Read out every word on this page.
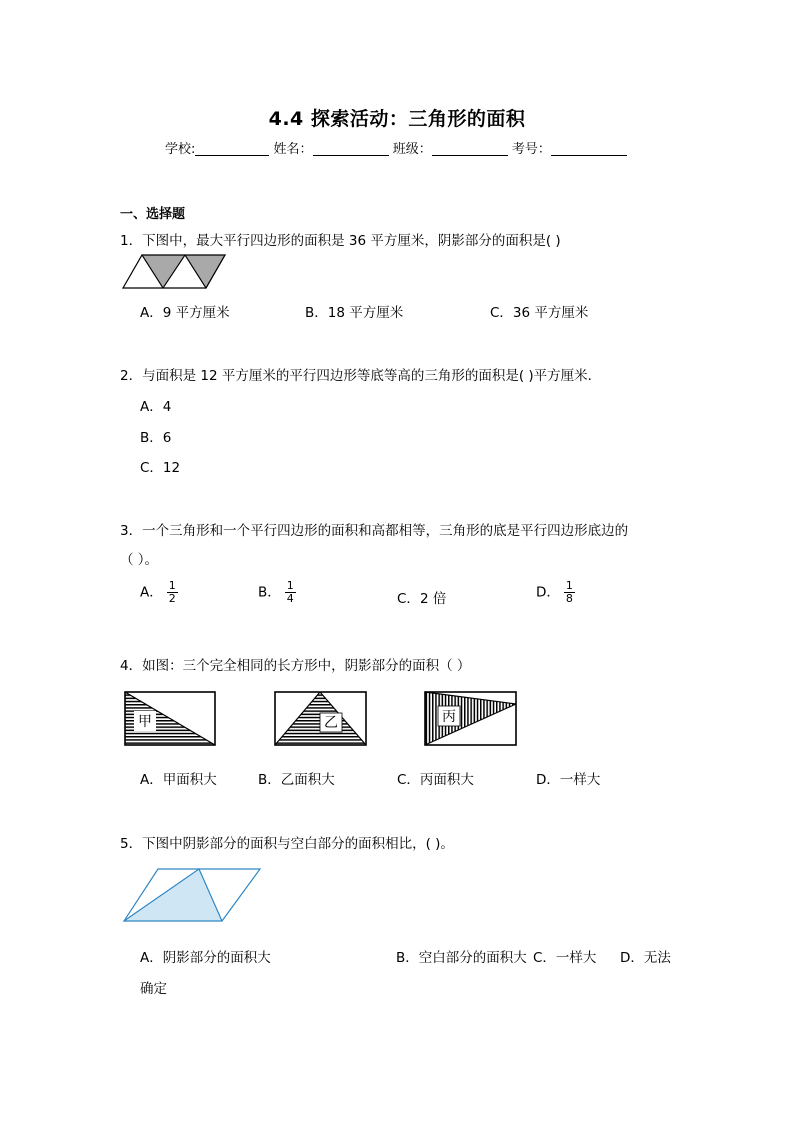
4.4 探索活动：三角形的面积
学校:	姓名：	班级：	考号：
一、选择题
1．下图中，最大平行四边形的面积是 36 平方厘米，阴影部分的面积是( )
A．9 平方厘米	B．18 平方厘米	C．36 平方厘米
2．与面积是 12 平方厘米的平行四边形等底等高的三角形的面积是( )平方厘米．
A．4
B．6
C．12
3．一个三角形和一个平行四边形的面积和高都相等，三角形的底是平行四边形底边的
（ ）。
A． $\frac{1}{2}$	B． $\frac{1}{4}$	C．2 倍	D． $\frac{1}{8}$
4．如图：三个完全相同的长方形中，阴影部分的面积（ ）
甲	乙	丙
A．甲面积大	B．乙面积大	C．丙面积大	D．一样大
5．下图中阴影部分的面积与空白部分的面积相比，( )。
A．阴影部分的面积大	B．空白部分的面积大 C．一样大 D．无法
确定
